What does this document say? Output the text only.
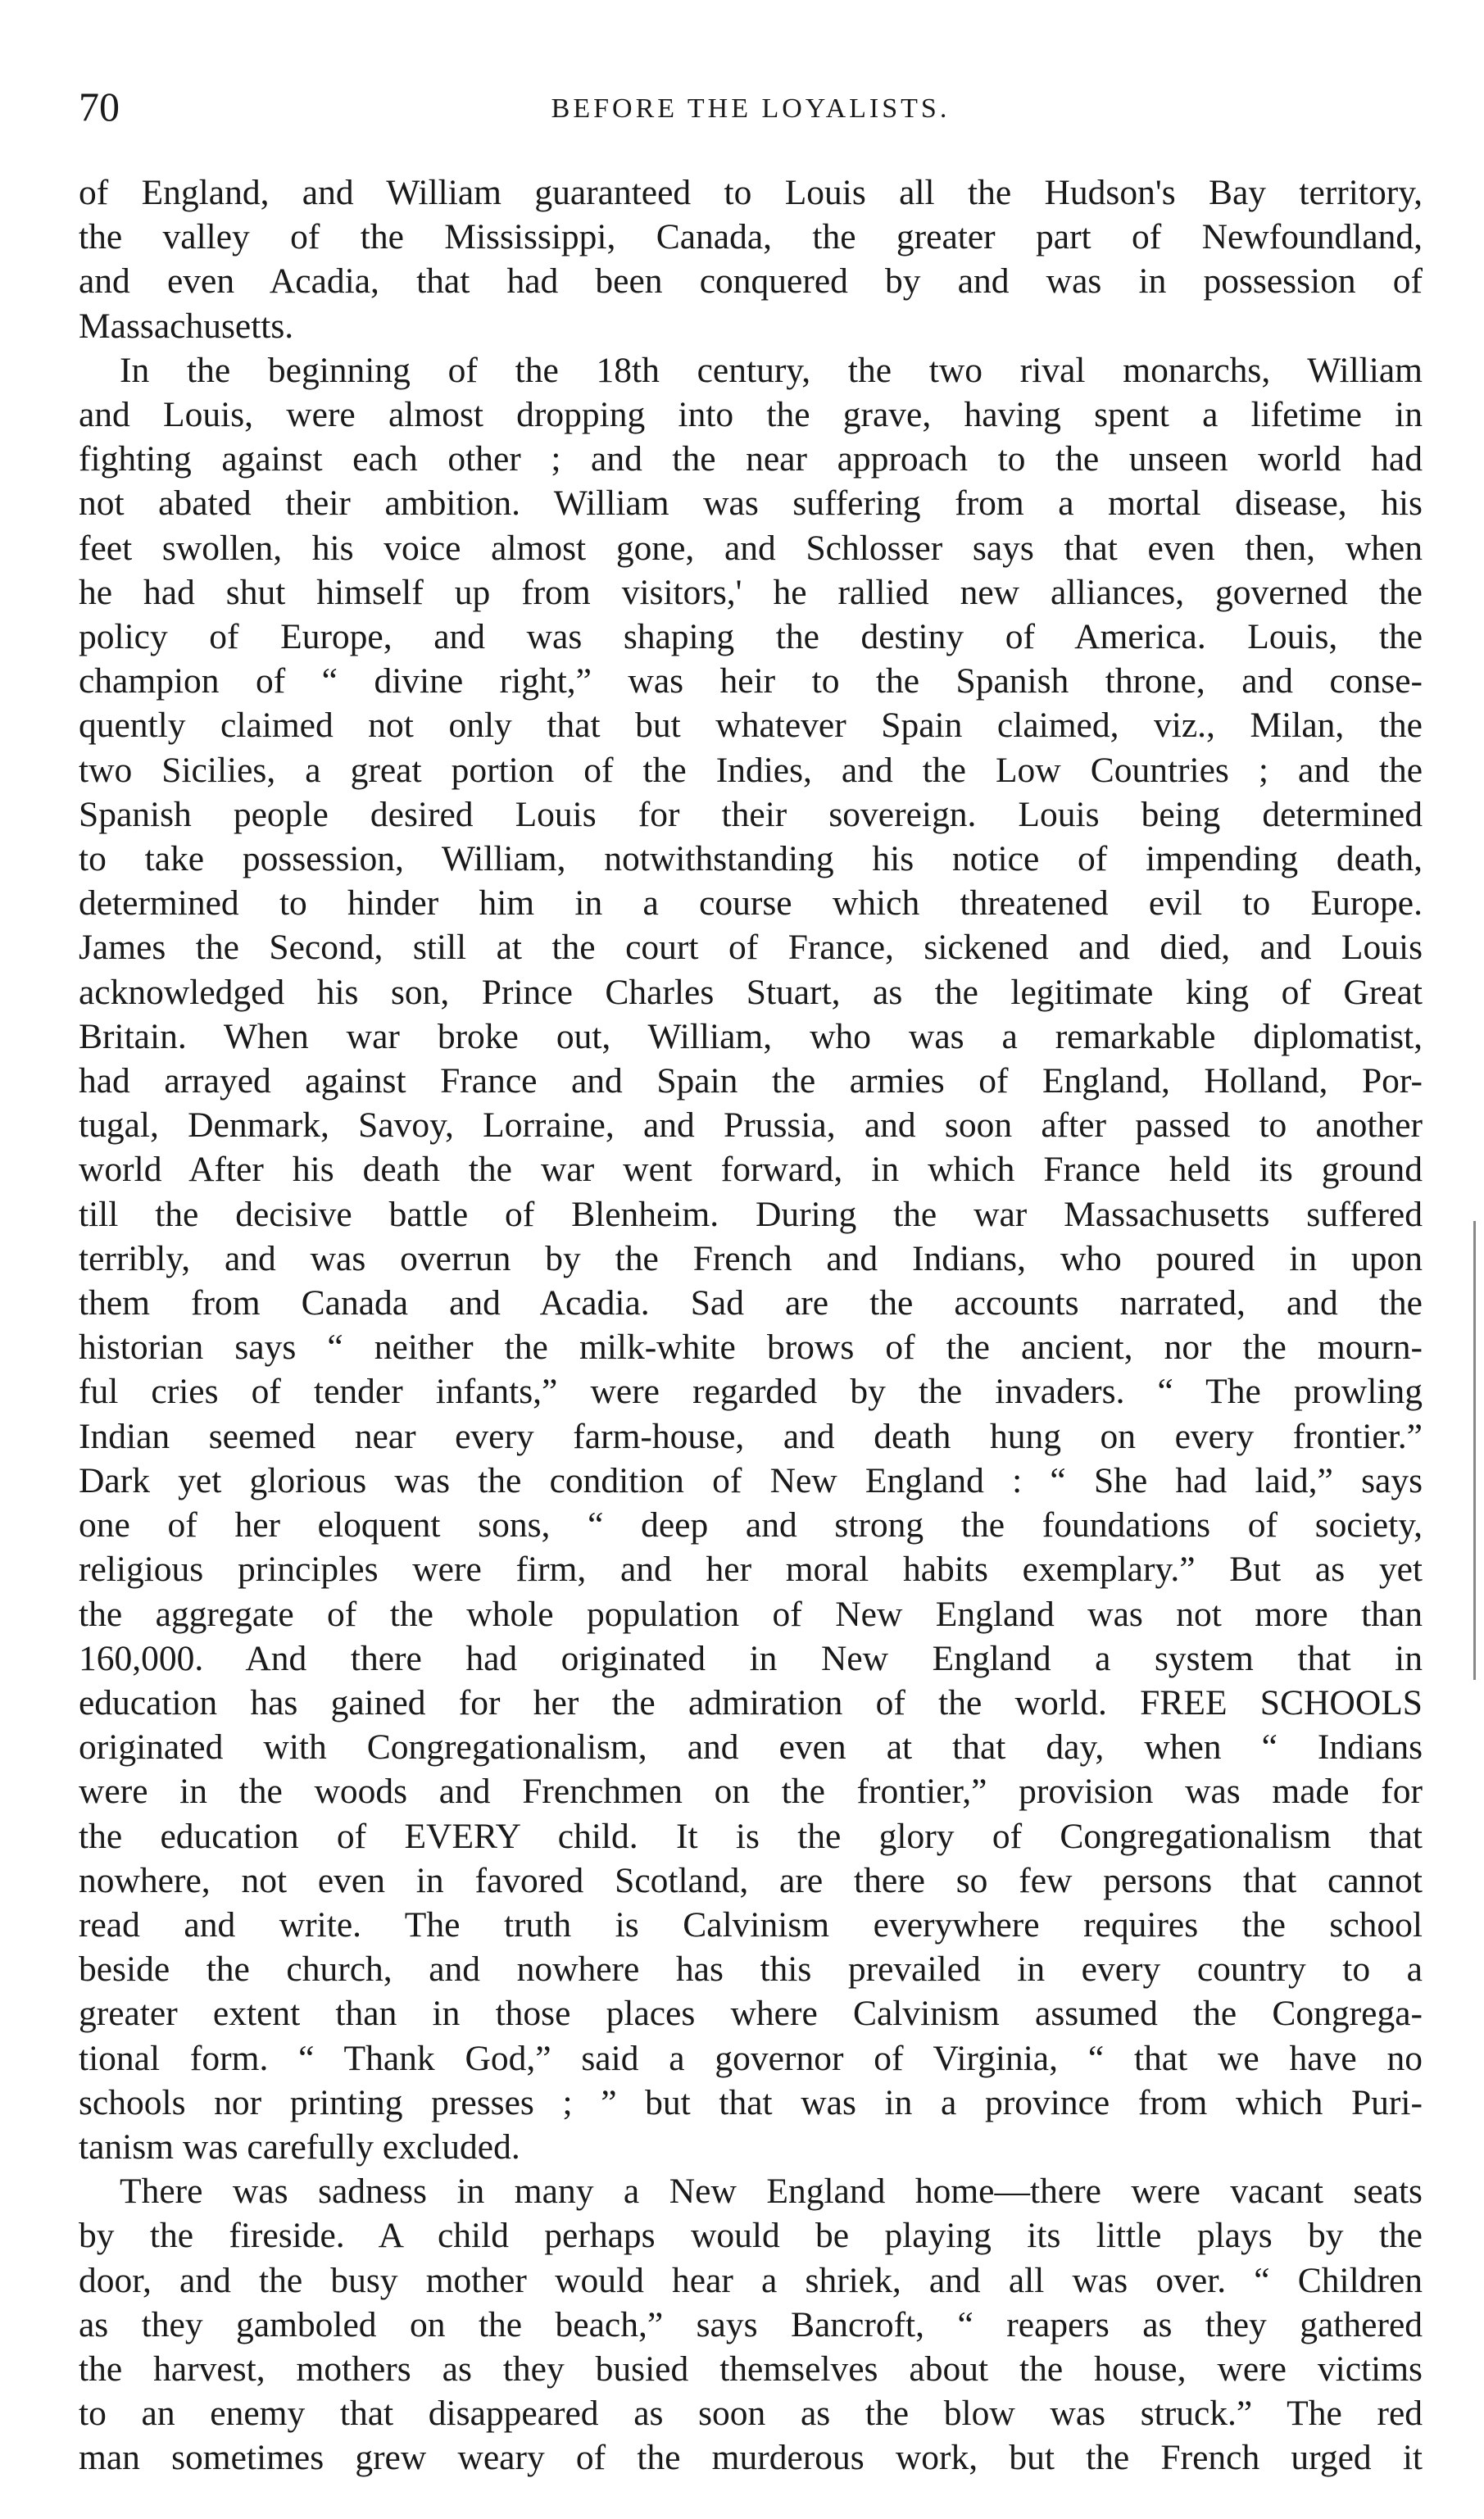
70	BEFORE THE LOYALISTS.
of England, and William guaranteed to Louis all the Hudson's Bay territory,
the valley of the Mississippi, Canada, the greater part of Newfoundland,
and even Acadia, that had been conquered by and was in possession of
Massachusetts.
In the beginning of the 18th century, the two rival monarchs, William
and Louis, were almost dropping into the grave, having spent a lifetime in
fighting against each other ; and the near approach to the unseen world had
not abated their ambition. William was suffering from a mortal disease, his
feet swollen, his voice almost gone, and Schlosser says that even then, when
he had shut himself up from visitors,' he rallied new alliances, governed the
policy of Europe, and was shaping the destiny of America. Louis, the
champion of “ divine right,” was heir to the Spanish throne, and conse-
quently claimed not only that but whatever Spain claimed, viz., Milan, the
two Sicilies, a great portion of the Indies, and the Low Countries ; and the
Spanish people desired Louis for their sovereign. Louis being determined
to take possession, William, notwithstanding his notice of impending death,
determined to hinder him in a course which threatened evil to Europe.
James the Second, still at the court of France, sickened and died, and Louis
acknowledged his son, Prince Charles Stuart, as the legitimate king of Great
Britain. When war broke out, William, who was a remarkable diplomatist,
had arrayed against France and Spain the armies of England, Holland, Por-
tugal, Denmark, Savoy, Lorraine, and Prussia, and soon after passed to another
world After his death the war went forward, in which France held its ground
till the decisive battle of Blenheim. During the war Massachusetts suffered
terribly, and was overrun by the French and Indians, who poured in upon
them from Canada and Acadia. Sad are the accounts narrated, and the
historian says “ neither the milk-white brows of the ancient, nor the mourn-
ful cries of tender infants,” were regarded by the invaders. “ The prowling
Indian seemed near every farm-house, and death hung on every frontier.”
Dark yet glorious was the condition of New England : “ She had laid,” says
one of her eloquent sons, “ deep and strong the foundations of society,
religious principles were firm, and her moral habits exemplary.” But as yet
the aggregate of the whole population of New England was not more than
160,000. And there had originated in New England a system that in
education has gained for her the admiration of the world. FREE SCHOOLS
originated with Congregationalism, and even at that day, when “ Indians
were in the woods and Frenchmen on the frontier,” provision was made for
the education of EVERY child. It is the glory of Congregationalism that
nowhere, not even in favored Scotland, are there so few persons that cannot
read and write. The truth is Calvinism everywhere requires the school
beside the church, and nowhere has this prevailed in every country to a
greater extent than in those places where Calvinism assumed the Congrega-
tional form. “ Thank God,” said a governor of Virginia, “ that we have no
schools nor printing presses ; ” but that was in a province from which Puri-
tanism was carefully excluded.
There was sadness in many a New England home—there were vacant seats
by the fireside. A child perhaps would be playing its little plays by the
door, and the busy mother would hear a shriek, and all was over. “ Children
as they gamboled on the beach,” says Bancroft, “ reapers as they gathered
the harvest, mothers as they busied themselves about the house, were victims
to an enemy that disappeared as soon as the blow was struck.” The red
man sometimes grew weary of the murderous work, but the French urged it
